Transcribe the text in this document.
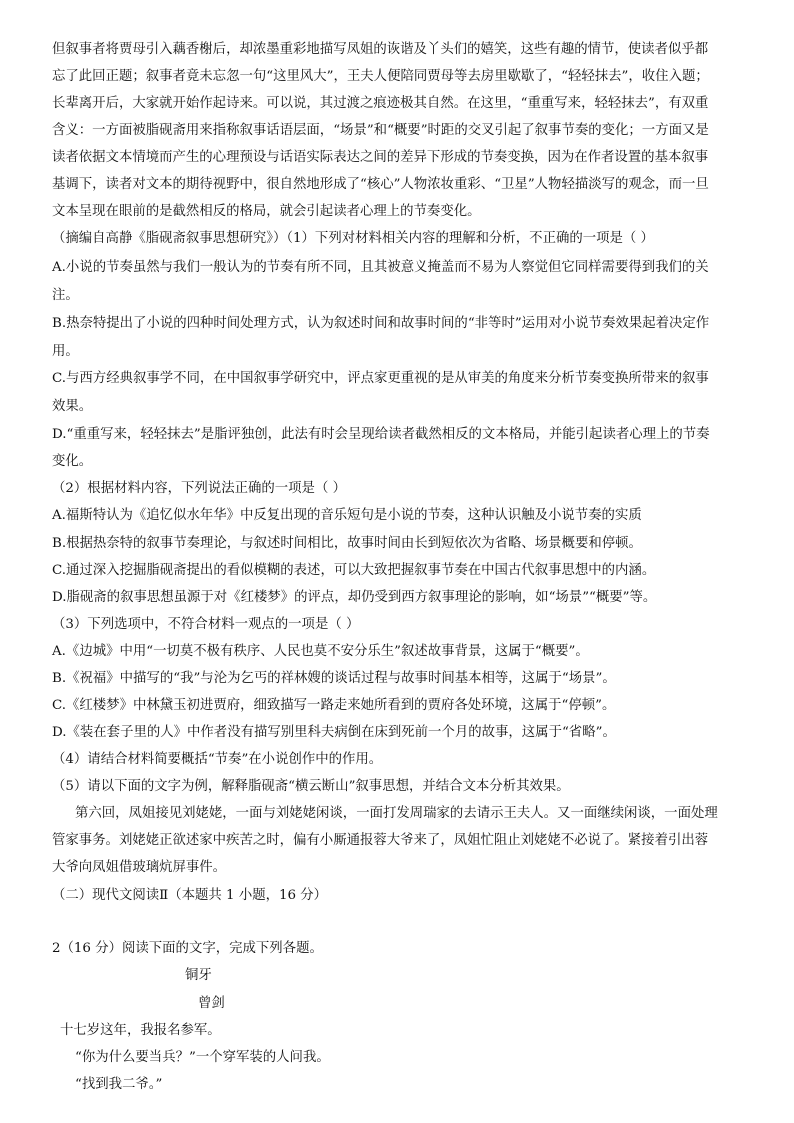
但叙事者将贾母引入藕香榭后，却浓墨重彩地描写凤姐的诙谐及丫头们的嬉笑，这些有趣的情节，使读者似乎都
忘了此回正题；叙事者竟未忘忽一句“这里风大”，王夫人便陪同贾母等去房里歇歇了，“轻轻抹去”，收住入题；
长辈离开后，大家就开始作起诗来。可以说，其过渡之痕迹极其自然。在这里，“重重写来，轻轻抹去”，有双重
含义：一方面被脂砚斋用来指称叙事话语层面，“场景”和“概要”时距的交叉引起了叙事节奏的变化；一方面又是
读者依据文本情境而产生的心理预设与话语实际表达之间的差异下形成的节奏变换，因为在作者设置的基本叙事
基调下，读者对文本的期待视野中，很自然地形成了“核心”人物浓妆重彩、“卫星”人物轻描淡写的观念，而一旦
文本呈现在眼前的是截然相反的格局，就会引起读者心理上的节奏变化。
（摘编自高静《脂砚斋叙事思想研究》）（1）下列对材料相关内容的理解和分析，不正确的一项是（ ）
A.小说的节奏虽然与我们一般认为的节奏有所不同，且其被意义掩盖而不易为人察觉但它同样需要得到我们的关
注。
B.热奈特提出了小说的四种时间处理方式，认为叙述时间和故事时间的“非等时”运用对小说节奏效果起着决定作
用。
C.与西方经典叙事学不同，在中国叙事学研究中，评点家更重视的是从审美的角度来分析节奏变换所带来的叙事
效果。
D.“重重写来，轻轻抹去”是脂评独创，此法有时会呈现给读者截然相反的文本格局，并能引起读者心理上的节奏
变化。
（2）根据材料内容，下列说法正确的一项是（ ）
A.福斯特认为《追忆似水年华》中反复出现的音乐短句是小说的节奏，这种认识触及小说节奏的实质
B.根据热奈特的叙事节奏理论，与叙述时间相比，故事时间由长到短依次为省略、场景概要和停顿。
C.通过深入挖掘脂砚斋提出的看似模糊的表述，可以大致把握叙事节奏在中国古代叙事思想中的内涵。
D.脂砚斋的叙事思想虽源于对《红楼梦》的评点，却仍受到西方叙事理论的影响，如“场景”“概要”等。
（3）下列选项中，不符合材料一观点的一项是（ ）
A.《边城》中用“一切莫不极有秩序、人民也莫不安分乐生”叙述故事背景，这属于“概要”。
B.《祝福》中描写的“我”与沦为乞丐的祥林嫂的谈话过程与故事时间基本相等，这属于“场景”。
C.《红楼梦》中林黛玉初进贾府，细致描写一路走来她所看到的贾府各处环境，这属于“停顿”。
D.《装在套子里的人》中作者没有描写别里科夫病倒在床到死前一个月的故事，这属于“省略”。
（4）请结合材料简要概括“节奏”在小说创作中的作用。
（5）请以下面的文字为例，解释脂砚斋“横云断山”叙事思想，并结合文本分析其效果。
第六回，凤姐接见刘姥姥，一面与刘姥姥闲谈，一面打发周瑞家的去请示王夫人。又一面继续闲谈，一面处理
管家事务。刘姥姥正欲述家中疾苦之时，偏有小厮通报蓉大爷来了，凤姐忙阻止刘姥姥不必说了。紧接着引出蓉
大爷向凤姐借玻璃炕屏事件。
（二）现代文阅读Ⅱ（本题共 1 小题，16 分）
2（16 分）阅读下面的文字，完成下列各题。
铜牙
曾剑
十七岁这年，我报名参军。
“你为什么要当兵？”一个穿军装的人问我。
“找到我二爷。”
